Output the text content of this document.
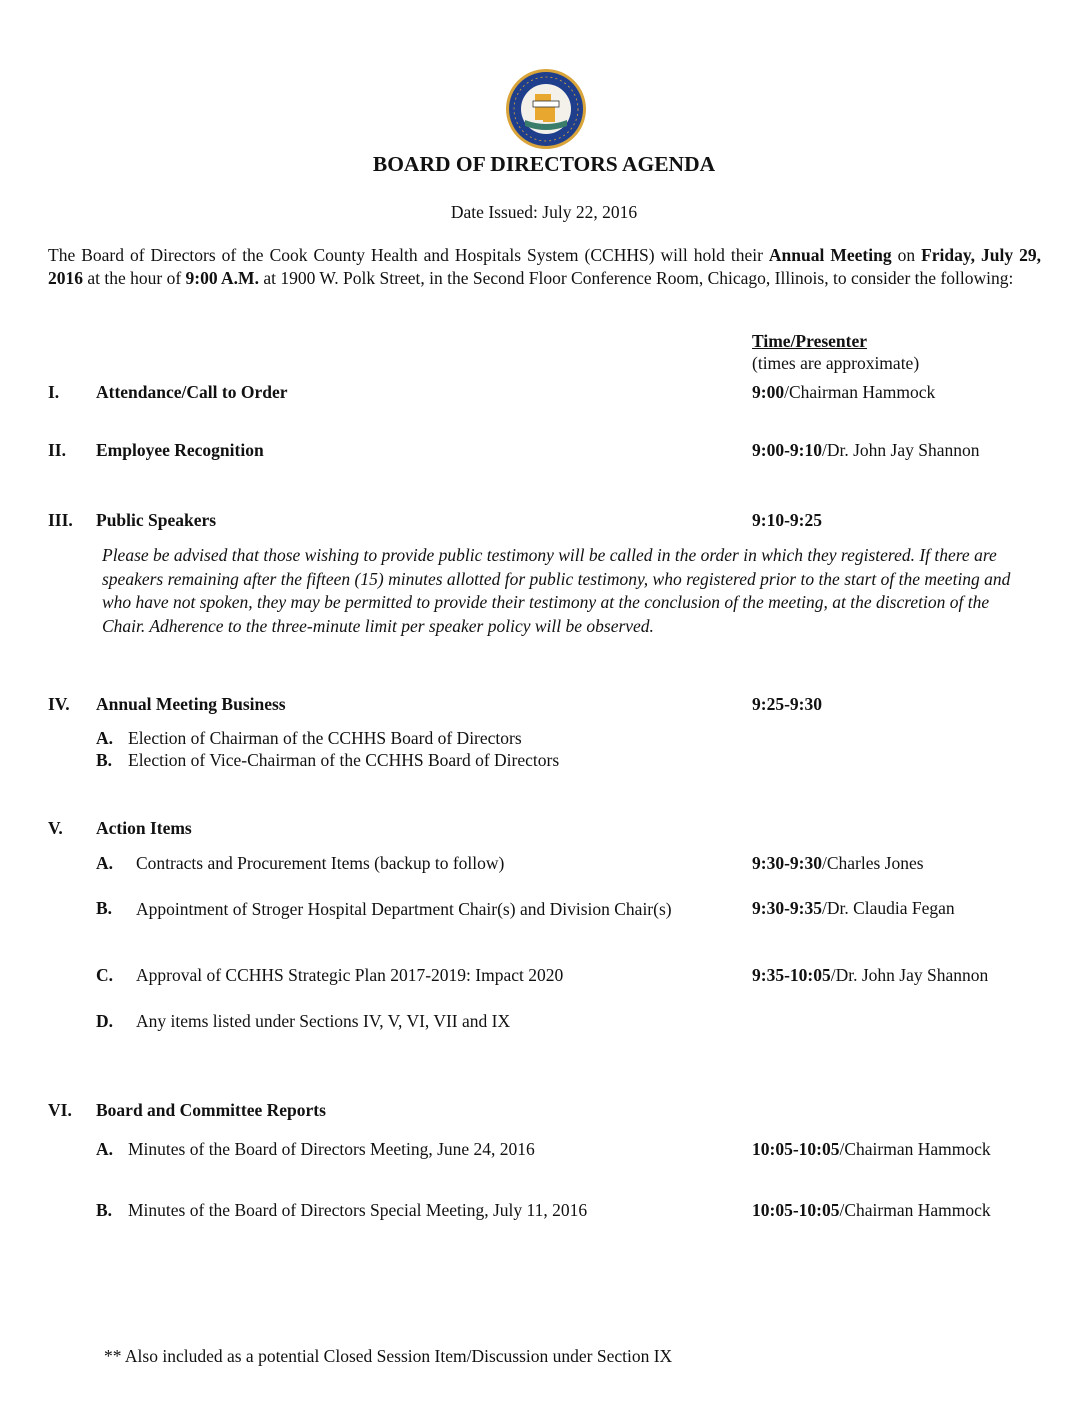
BOARD OF DIRECTORS AGENDA
Date Issued: July 22, 2016
The Board of Directors of the Cook County Health and Hospitals System (CCHHS) will hold their Annual Meeting on Friday, July 29, 2016 at the hour of 9:00 A.M. at 1900 W. Polk Street, in the Second Floor Conference Room, Chicago, Illinois, to consider the following:
Time/Presenter
(times are approximate)
I. Attendance/Call to Order	9:00/Chairman Hammock
II. Employee Recognition	9:00-9:10/Dr. John Jay Shannon
III. Public Speakers	9:10-9:25
Please be advised that those wishing to provide public testimony will be called in the order in which they registered. If there are speakers remaining after the fifteen (15) minutes allotted for public testimony, who registered prior to the start of the meeting and who have not spoken, they may be permitted to provide their testimony at the conclusion of the meeting, at the discretion of the Chair. Adherence to the three-minute limit per speaker policy will be observed.
IV. Annual Meeting Business	9:25-9:30
A. Election of Chairman of the CCHHS Board of Directors
B. Election of Vice-Chairman of the CCHHS Board of Directors
V. Action Items
A. Contracts and Procurement Items (backup to follow)	9:30-9:30/Charles Jones
B. Appointment of Stroger Hospital Department Chair(s) and Division Chair(s)	9:30-9:35/Dr. Claudia Fegan
C. Approval of CCHHS Strategic Plan 2017-2019: Impact 2020	9:35-10:05/Dr. John Jay Shannon
D. Any items listed under Sections IV, V, VI, VII and IX
VI. Board and Committee Reports
A. Minutes of the Board of Directors Meeting, June 24, 2016	10:05-10:05/Chairman Hammock
B. Minutes of the Board of Directors Special Meeting, July 11, 2016	10:05-10:05/Chairman Hammock
** Also included as a potential Closed Session Item/Discussion under Section IX
